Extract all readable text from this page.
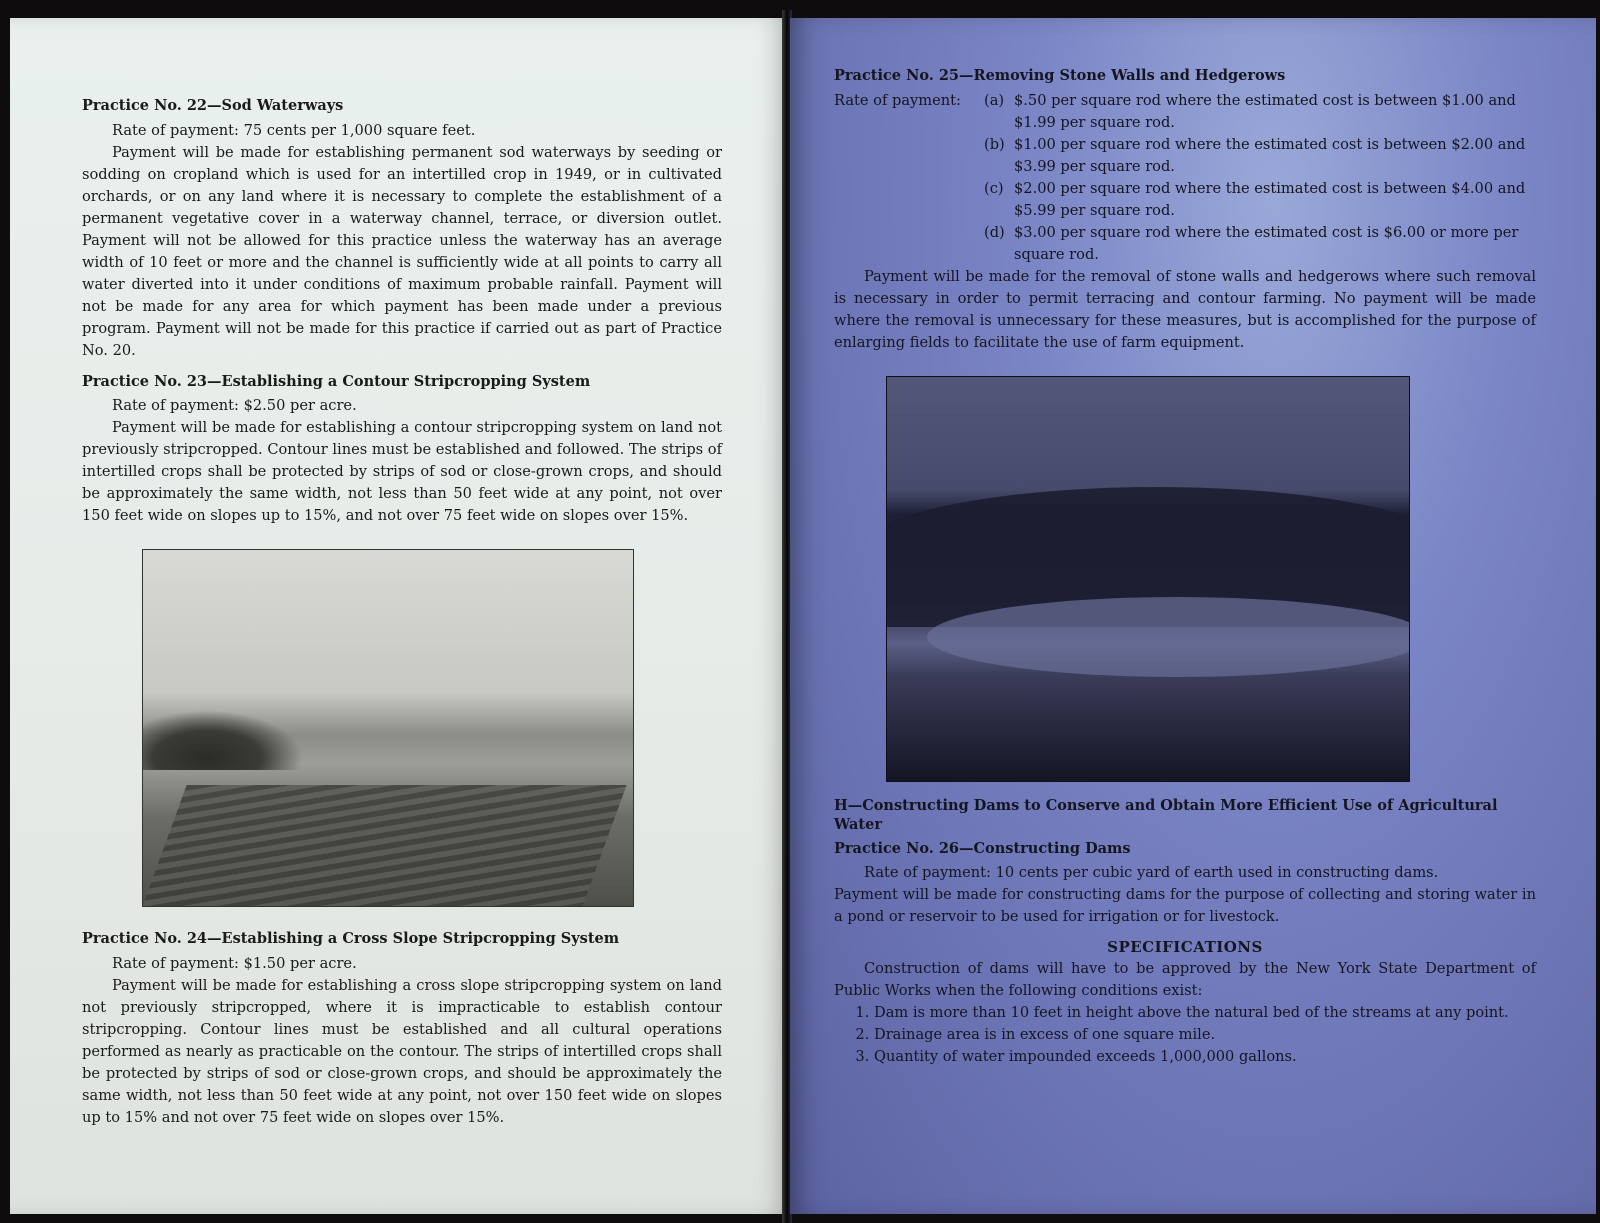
Practice No. 22—Sod Waterways
Rate of payment: 75 cents per 1,000 square feet.

Payment will be made for establishing permanent sod waterways by seeding or sodding on cropland which is used for an intertilled crop in 1949, or in cultivated orchards, or on any land where it is necessary to complete the establishment of a permanent vegetative cover in a waterway channel, terrace, or diversion outlet. Payment will not be allowed for this practice unless the waterway has an average width of 10 feet or more and the channel is sufficiently wide at all points to carry all water diverted into it under conditions of maximum probable rainfall. Payment will not be made for any area for which payment has been made under a previous program. Payment will not be made for this practice if carried out as part of Practice No. 20.

Practice No. 23—Establishing a Contour Stripcropping System
Rate of payment: $2.50 per acre.

Payment will be made for establishing a contour stripcropping system on land not previously stripcropped. Contour lines must be established and followed. The strips of intertilled crops shall be protected by strips of sod or close-grown crops, and should be approximately the same width, not less than 50 feet wide at any point, not over 150 feet wide on slopes up to 15%, and not over 75 feet wide on slopes over 15%.

Practice No. 24—Establishing a Cross Slope Stripcropping System
Rate of payment: $1.50 per acre.

Payment will be made for establishing a cross slope stripcropping system on land not previously stripcropped, where it is impracticable to establish contour stripcropping. Contour lines must be established and all cultural operations performed as nearly as practicable on the contour. The strips of intertilled crops shall be protected by strips of sod or close-grown crops, and should be approximately the same width, not less than 50 feet wide at any point, not over 150 feet wide on slopes up to 15% and not over 75 feet wide on slopes over 15%.

Practice No. 25—Removing Stone Walls and Hedgerows
Rate of payment:	(a) $.50 per square rod where the estimated cost is between $1.00 and $1.99 per square rod.
(b) $1.00 per square rod where the estimated cost is between $2.00 and $3.99 per square rod.
(c) $2.00 per square rod where the estimated cost is between $4.00 and $5.99 per square rod.
(d) $3.00 per square rod where the estimated cost is $6.00 or more per square rod.

Payment will be made for the removal of stone walls and hedgerows where such removal is necessary in order to permit terracing and contour farming. No payment will be made where the removal is unnecessary for these measures, but is accomplished for the purpose of enlarging fields to facilitate the use of farm equipment.

H—Constructing Dams to Conserve and Obtain More Efficient Use of Agricultural Water
Practice No. 26—Constructing Dams
Rate of payment: 10 cents per cubic yard of earth used in constructing dams.

Payment will be made for constructing dams for the purpose of collecting and storing water in a pond or reservoir to be used for irrigation or for livestock.

SPECIFICATIONS

Construction of dams will have to be approved by the New York State Department of Public Works when the following conditions exist:

1. Dam is more than 10 feet in height above the natural bed of the streams at any point.
2. Drainage area is in excess of one square mile.
3. Quantity of water impounded exceeds 1,000,000 gallons.
